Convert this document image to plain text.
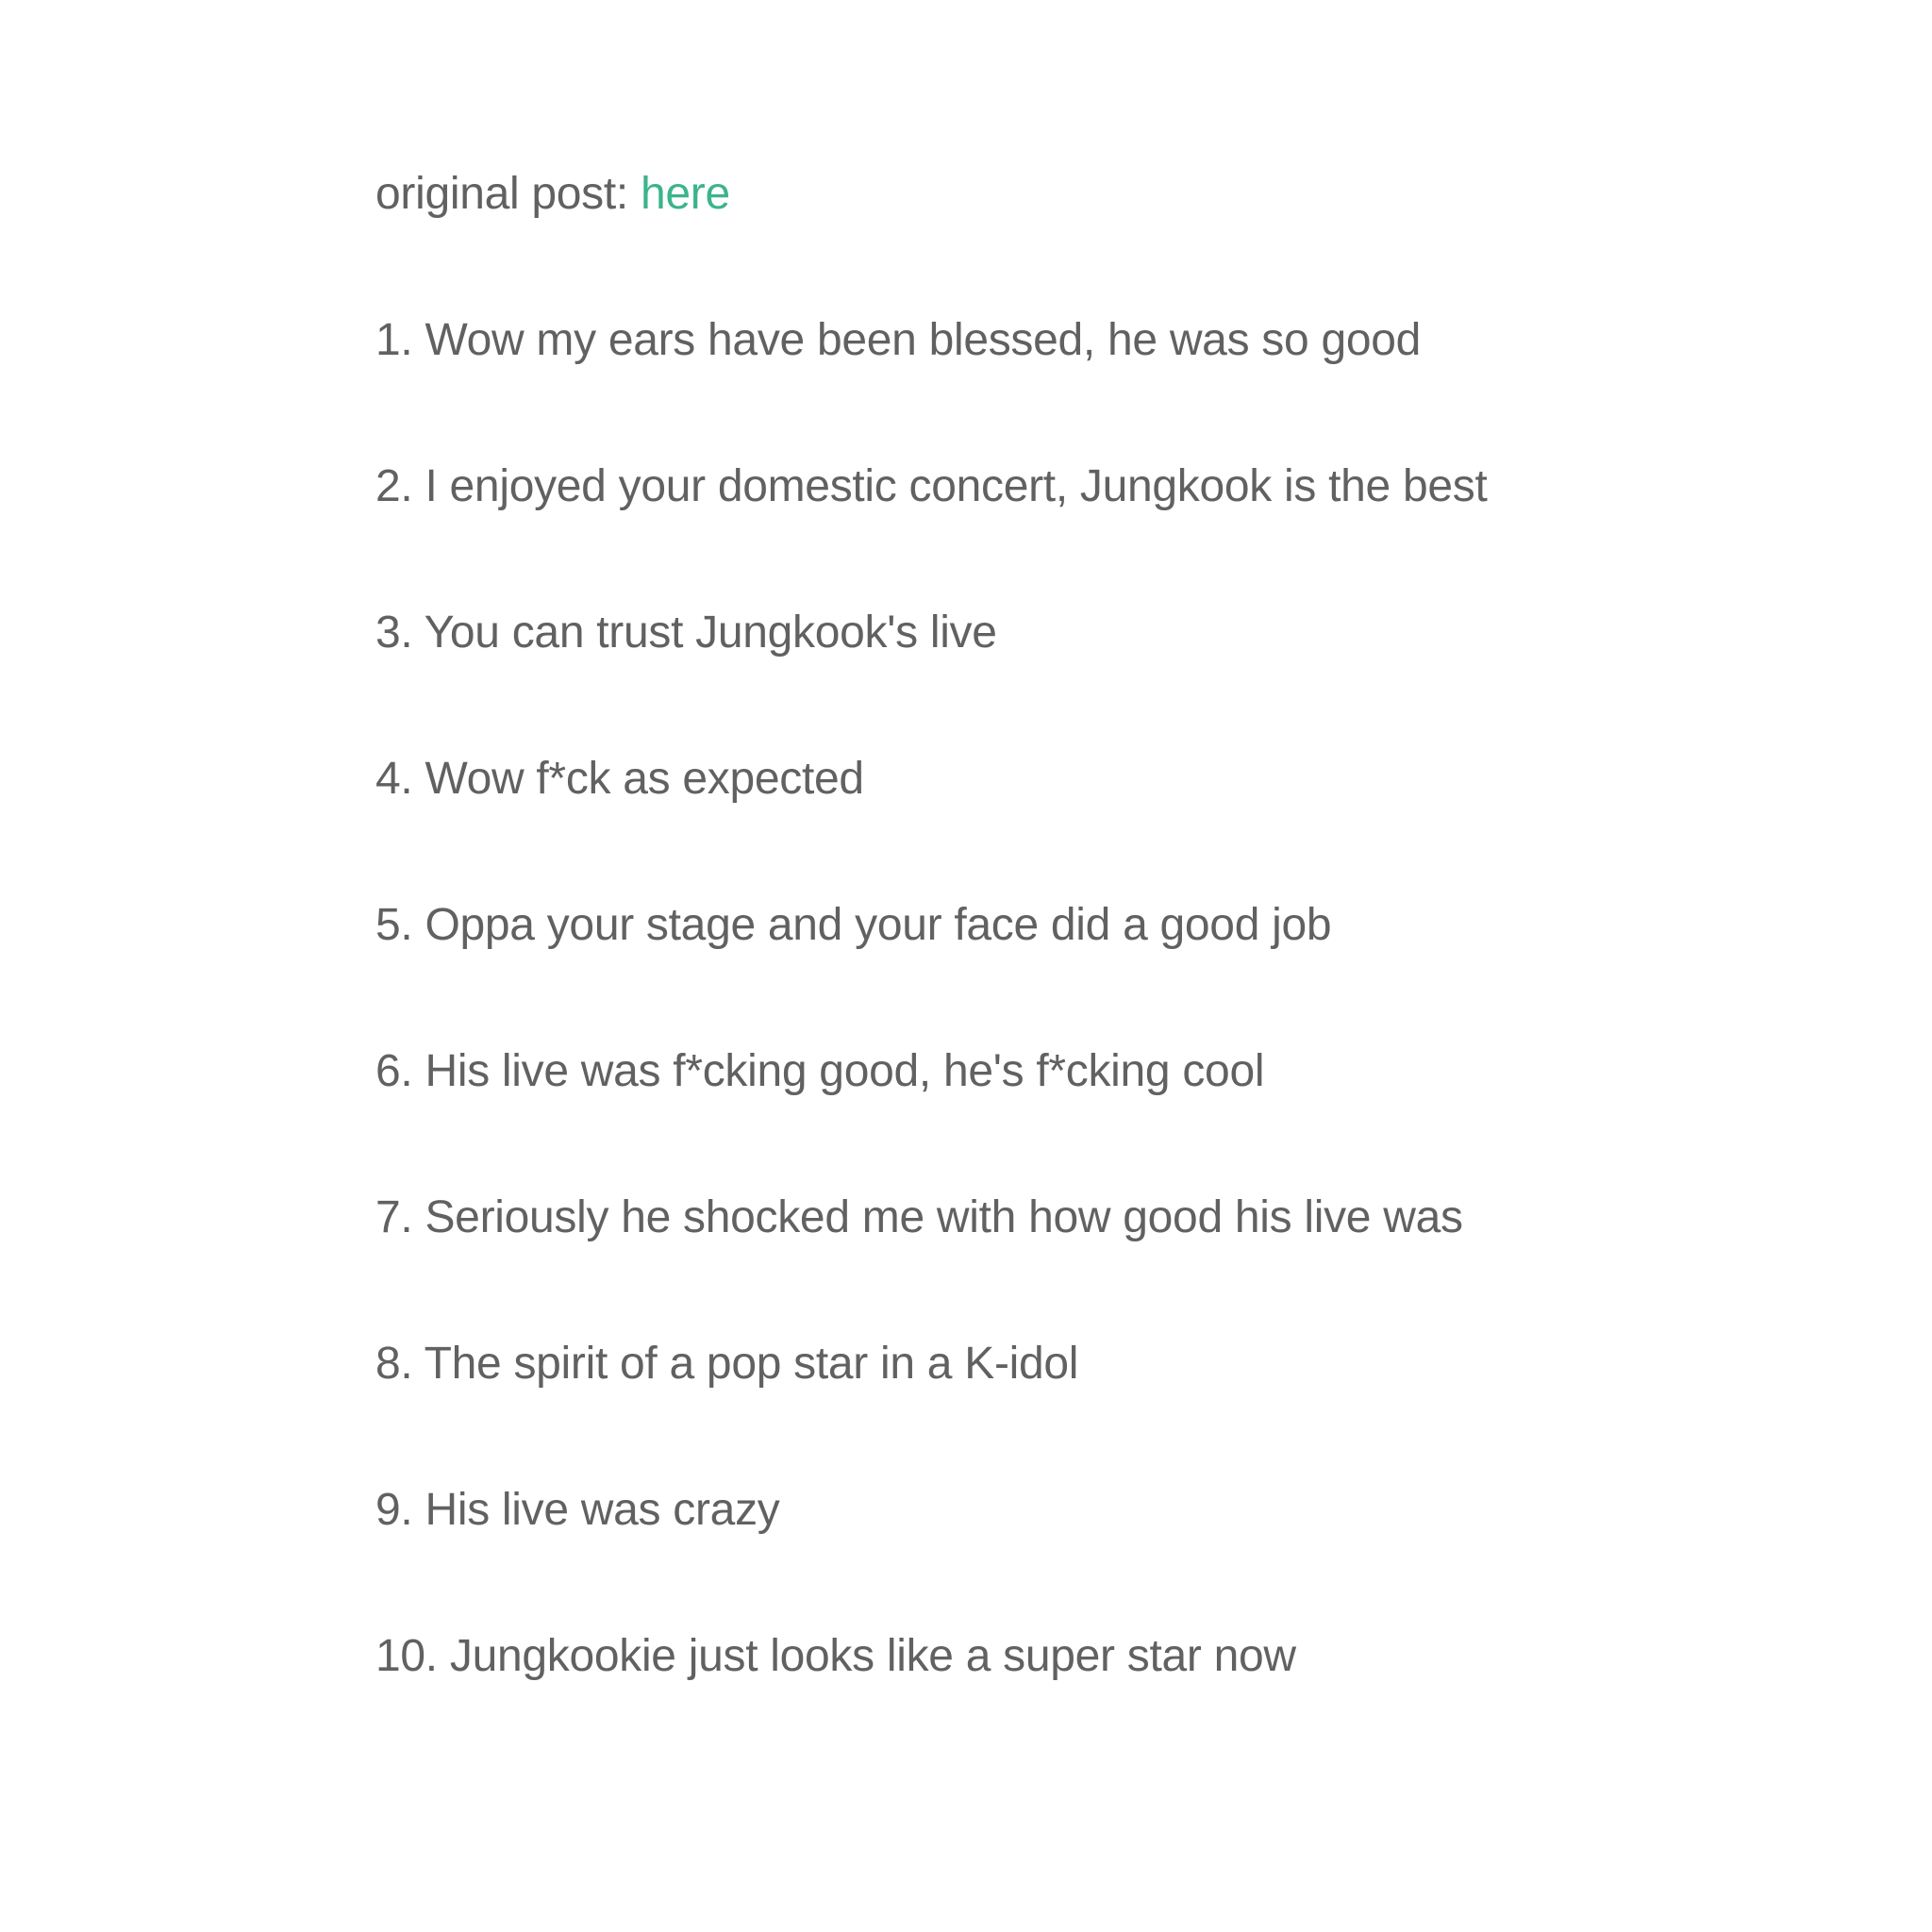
original post: here

1. Wow my ears have been blessed, he was so good
2. I enjoyed your domestic concert, Jungkook is the best
3. You can trust Jungkook's live
4. Wow f*ck as expected
5. Oppa your stage and your face did a good job
6. His live was f*cking good, he's f*cking cool
7. Seriously he shocked me with how good his live was
8. The spirit of a pop star in a K-idol
9. His live was crazy
10. Jungkookie just looks like a super star now
